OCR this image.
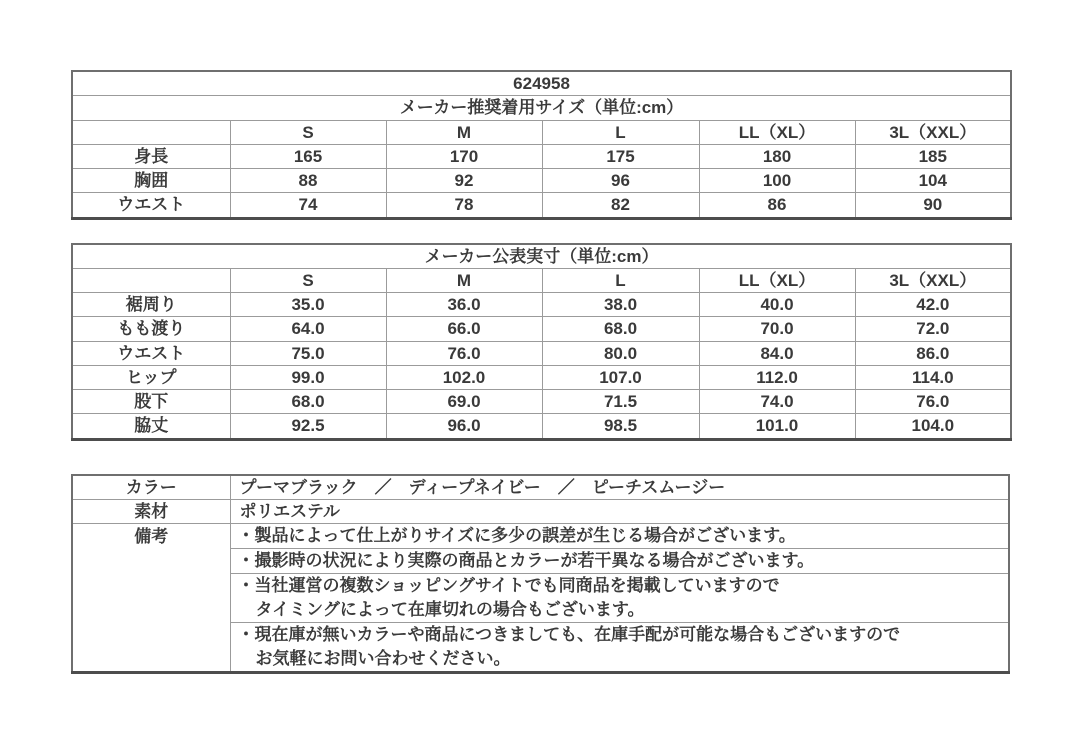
624958					
メーカー推奨着用サイズ（単位:cm）					
	S	M	L	LL（XL）	3L（XXL）
身長	165	170	175	180	185
胸囲	88	92	96	100	104
ウエスト	74	78	82	86	90
メーカー公表実寸（単位:cm）					
	S	M	L	LL（XL）	3L（XXL）
裾周り	35.0	36.0	38.0	40.0	42.0
もも渡り	64.0	66.0	68.0	70.0	72.0
ウエスト	75.0	76.0	80.0	84.0	86.0
ヒップ	99.0	102.0	107.0	112.0	114.0
股下	68.0	69.0	71.5	74.0	76.0
脇丈	92.5	96.0	98.5	101.0	104.0
カラー	プーマブラック　／　ディープネイビー　／　ピーチスムージー
素材	ポリエステル
備考	・製品によって仕上がりサイズに多少の誤差が生じる場合がございます。
・撮影時の状況により実際の商品とカラーが若干異なる場合がございます。
・当社運営の複数ショッピングサイトでも同商品を掲載していますので
タイミングによって在庫切れの場合もございます。
・現在庫が無いカラーや商品につきましても、在庫手配が可能な場合もございますので
お気軽にお問い合わせください。
